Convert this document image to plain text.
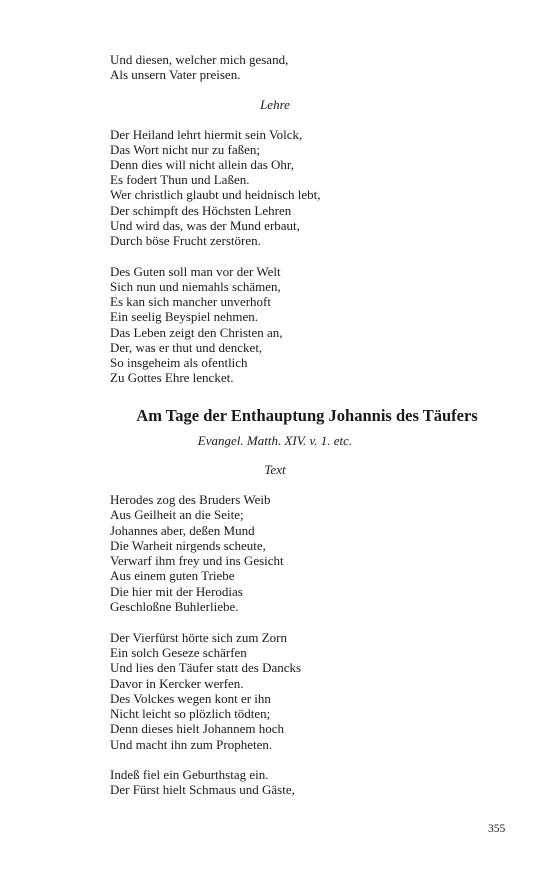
Und diesen, welcher mich gesand,
Als unsern Vater preisen.
Lehre
Der Heiland lehrt hiermit sein Volck,
Das Wort nicht nur zu faßen;
Denn dies will nicht allein das Ohr,
Es fodert Thun und Laßen.
Wer christlich glaubt und heidnisch lebt,
Der schimpft des Höchsten Lehren
Und wird das, was der Mund erbaut,
Durch böse Frucht zerstören.
Des Guten soll man vor der Welt
Sich nun und niemahls schämen,
Es kan sich mancher unverhoft
Ein seelig Beyspiel nehmen.
Das Leben zeigt den Christen an,
Der, was er thut und dencket,
So insgeheim als ofentlich
Zu Gottes Ehre lencket.
Am Tage der Enthauptung Johannis des Täufers
Evangel. Matth. XIV. v. 1. etc.
Text
Herodes zog des Bruders Weib
Aus Geilheit an die Seite;
Johannes aber, deßen Mund
Die Warheit nirgends scheute,
Verwarf ihm frey und ins Gesicht
Aus einem guten Triebe
Die hier mit der Herodias
Geschloßne Buhlerliebe.
Der Vierfürst hörte sich zum Zorn
Ein solch Geseze schärfen
Und lies den Täufer statt des Dancks
Davor in Kercker werfen.
Des Volckes wegen kont er ihn
Nicht leicht so plözlich tödten;
Denn dieses hielt Johannem hoch
Und macht ihn zum Propheten.
Indeß fiel ein Geburthstag ein.
Der Fürst hielt Schmaus und Gäste,
355
